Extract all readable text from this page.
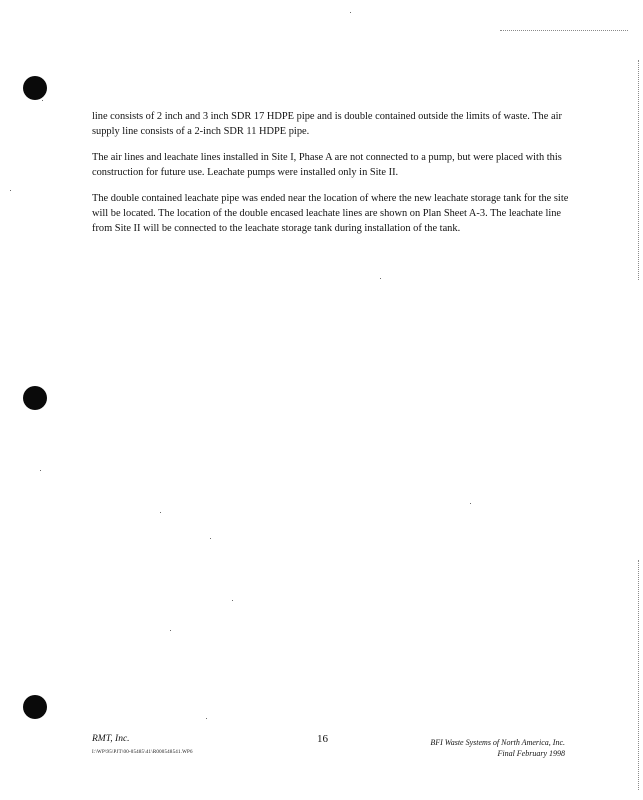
line consists of 2 inch and 3 inch SDR 17 HDPE pipe and is double contained outside the limits of waste. The air supply line consists of a 2-inch SDR 11 HDPE pipe.

The air lines and leachate lines installed in Site I, Phase A are not connected to a pump, but were placed with this construction for future use. Leachate pumps were installed only in Site II.

The double contained leachate pipe was ended near the location of where the new leachate storage tank for the site will be located. The location of the double encased leachate lines are shown on Plan Sheet A-3. The leachate line from Site II will be connected to the leachate storage tank during installation of the tank.

RMT, Inc.
I:\WP\95\PJT\00-05485\41\R000548541.WP6
16	BFI Waste Systems of North America, Inc.
Final February 1998
